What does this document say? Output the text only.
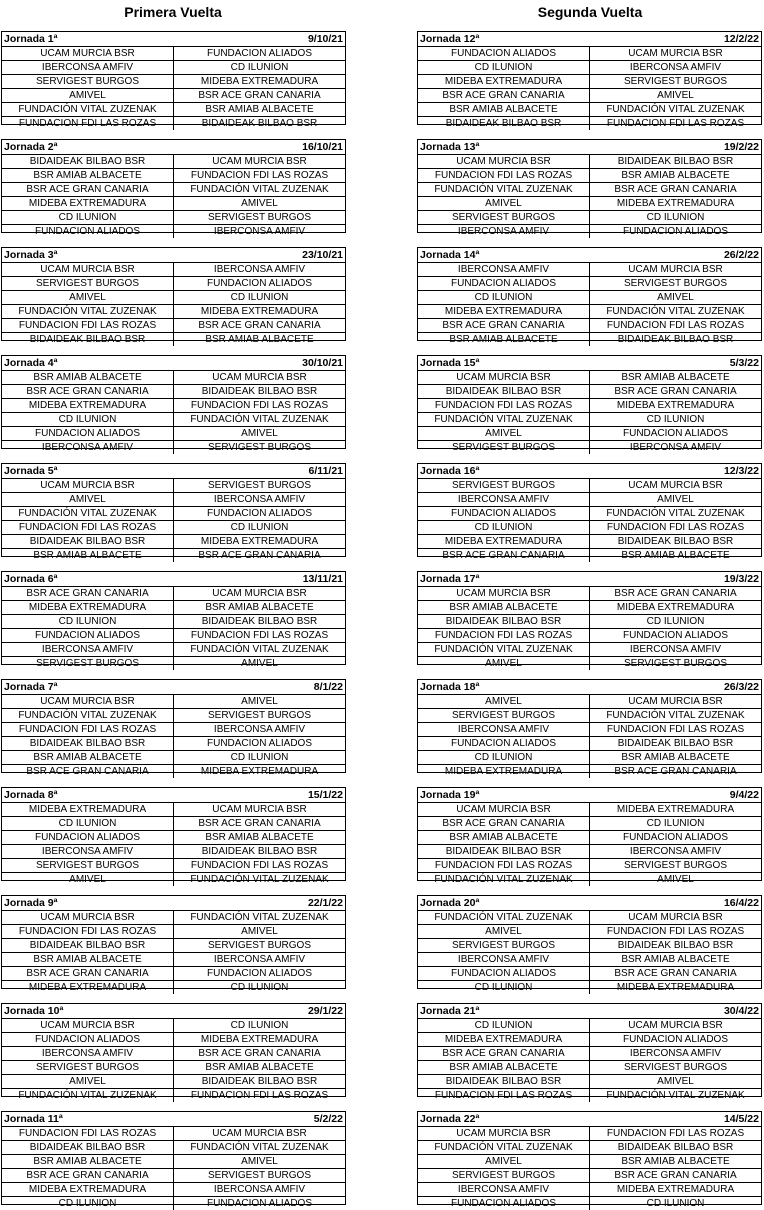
Primera Vuelta	Segunda Vuelta
Jornada 1ª	9/10/21
UCAM MURCIA BSR	FUNDACION ALIADOS
IBERCONSA AMFIV	CD ILUNION
SERVIGEST BURGOS	MIDEBA EXTREMADURA
AMIVEL	BSR ACE GRAN CANARIA
FUNDACIÓN VITAL ZUZENAK	BSR AMIAB ALBACETE
FUNDACION FDI LAS ROZAS	BIDAIDEAK BILBAO BSR
Jornada 2ª	16/10/21
BIDAIDEAK BILBAO BSR	UCAM MURCIA BSR
BSR AMIAB ALBACETE	FUNDACION FDI LAS ROZAS
BSR ACE GRAN CANARIA	FUNDACIÓN VITAL ZUZENAK
MIDEBA EXTREMADURA	AMIVEL
CD ILUNION	SERVIGEST BURGOS
FUNDACION ALIADOS	IBERCONSA AMFIV
Jornada 3ª	23/10/21
UCAM MURCIA BSR	IBERCONSA AMFIV
SERVIGEST BURGOS	FUNDACION ALIADOS
AMIVEL	CD ILUNION
FUNDACIÓN VITAL ZUZENAK	MIDEBA EXTREMADURA
FUNDACION FDI LAS ROZAS	BSR ACE GRAN CANARIA
BIDAIDEAK BILBAO BSR	BSR AMIAB ALBACETE
Jornada 4ª	30/10/21
BSR AMIAB ALBACETE	UCAM MURCIA BSR
BSR ACE GRAN CANARIA	BIDAIDEAK BILBAO BSR
MIDEBA EXTREMADURA	FUNDACION FDI LAS ROZAS
CD ILUNION	FUNDACIÓN VITAL ZUZENAK
FUNDACION ALIADOS	AMIVEL
IBERCONSA AMFIV	SERVIGEST BURGOS
Jornada 5ª	6/11/21
UCAM MURCIA BSR	SERVIGEST BURGOS
AMIVEL	IBERCONSA AMFIV
FUNDACIÓN VITAL ZUZENAK	FUNDACION ALIADOS
FUNDACION FDI LAS ROZAS	CD ILUNION
BIDAIDEAK BILBAO BSR	MIDEBA EXTREMADURA
BSR AMIAB ALBACETE	BSR ACE GRAN CANARIA
Jornada 6ª	13/11/21
BSR ACE GRAN CANARIA	UCAM MURCIA BSR
MIDEBA EXTREMADURA	BSR AMIAB ALBACETE
CD ILUNION	BIDAIDEAK BILBAO BSR
FUNDACION ALIADOS	FUNDACION FDI LAS ROZAS
IBERCONSA AMFIV	FUNDACIÓN VITAL ZUZENAK
SERVIGEST BURGOS	AMIVEL
Jornada 7ª	8/1/22
UCAM MURCIA BSR	AMIVEL
FUNDACIÓN VITAL ZUZENAK	SERVIGEST BURGOS
FUNDACION FDI LAS ROZAS	IBERCONSA AMFIV
BIDAIDEAK BILBAO BSR	FUNDACION ALIADOS
BSR AMIAB ALBACETE	CD ILUNION
BSR ACE GRAN CANARIA	MIDEBA EXTREMADURA
Jornada 8ª	15/1/22
MIDEBA EXTREMADURA	UCAM MURCIA BSR
CD ILUNION	BSR ACE GRAN CANARIA
FUNDACION ALIADOS	BSR AMIAB ALBACETE
IBERCONSA AMFIV	BIDAIDEAK BILBAO BSR
SERVIGEST BURGOS	FUNDACION FDI LAS ROZAS
AMIVEL	FUNDACIÓN VITAL ZUZENAK
Jornada 9ª	22/1/22
UCAM MURCIA BSR	FUNDACIÓN VITAL ZUZENAK
FUNDACION FDI LAS ROZAS	AMIVEL
BIDAIDEAK BILBAO BSR	SERVIGEST BURGOS
BSR AMIAB ALBACETE	IBERCONSA AMFIV
BSR ACE GRAN CANARIA	FUNDACION ALIADOS
MIDEBA EXTREMADURA	CD ILUNION
Jornada 10ª	29/1/22
UCAM MURCIA BSR	CD ILUNION
FUNDACION ALIADOS	MIDEBA EXTREMADURA
IBERCONSA AMFIV	BSR ACE GRAN CANARIA
SERVIGEST BURGOS	BSR AMIAB ALBACETE
AMIVEL	BIDAIDEAK BILBAO BSR
FUNDACIÓN VITAL ZUZENAK	FUNDACION FDI LAS ROZAS
Jornada 11ª	5/2/22
FUNDACION FDI LAS ROZAS	UCAM MURCIA BSR
BIDAIDEAK BILBAO BSR	FUNDACIÓN VITAL ZUZENAK
BSR AMIAB ALBACETE	AMIVEL
BSR ACE GRAN CANARIA	SERVIGEST BURGOS
MIDEBA EXTREMADURA	IBERCONSA AMFIV
CD ILUNION	FUNDACION ALIADOS
Jornada 12ª	12/2/22
FUNDACION ALIADOS	UCAM MURCIA BSR
CD ILUNION	IBERCONSA AMFIV
MIDEBA EXTREMADURA	SERVIGEST BURGOS
BSR ACE GRAN CANARIA	AMIVEL
BSR AMIAB ALBACETE	FUNDACIÓN VITAL ZUZENAK
BIDAIDEAK BILBAO BSR	FUNDACION FDI LAS ROZAS
Jornada 13ª	19/2/22
UCAM MURCIA BSR	BIDAIDEAK BILBAO BSR
FUNDACION FDI LAS ROZAS	BSR AMIAB ALBACETE
FUNDACIÓN VITAL ZUZENAK	BSR ACE GRAN CANARIA
AMIVEL	MIDEBA EXTREMADURA
SERVIGEST BURGOS	CD ILUNION
IBERCONSA AMFIV	FUNDACION ALIADOS
Jornada 14ª	26/2/22
IBERCONSA AMFIV	UCAM MURCIA BSR
FUNDACION ALIADOS	SERVIGEST BURGOS
CD ILUNION	AMIVEL
MIDEBA EXTREMADURA	FUNDACIÓN VITAL ZUZENAK
BSR ACE GRAN CANARIA	FUNDACION FDI LAS ROZAS
BSR AMIAB ALBACETE	BIDAIDEAK BILBAO BSR
Jornada 15ª	5/3/22
UCAM MURCIA BSR	BSR AMIAB ALBACETE
BIDAIDEAK BILBAO BSR	BSR ACE GRAN CANARIA
FUNDACION FDI LAS ROZAS	MIDEBA EXTREMADURA
FUNDACIÓN VITAL ZUZENAK	CD ILUNION
AMIVEL	FUNDACION ALIADOS
SERVIGEST BURGOS	IBERCONSA AMFIV
Jornada 16ª	12/3/22
SERVIGEST BURGOS	UCAM MURCIA BSR
IBERCONSA AMFIV	AMIVEL
FUNDACION ALIADOS	FUNDACIÓN VITAL ZUZENAK
CD ILUNION	FUNDACION FDI LAS ROZAS
MIDEBA EXTREMADURA	BIDAIDEAK BILBAO BSR
BSR ACE GRAN CANARIA	BSR AMIAB ALBACETE
Jornada 17ª	19/3/22
UCAM MURCIA BSR	BSR ACE GRAN CANARIA
BSR AMIAB ALBACETE	MIDEBA EXTREMADURA
BIDAIDEAK BILBAO BSR	CD ILUNION
FUNDACION FDI LAS ROZAS	FUNDACION ALIADOS
FUNDACIÓN VITAL ZUZENAK	IBERCONSA AMFIV
AMIVEL	SERVIGEST BURGOS
Jornada 18ª	26/3/22
AMIVEL	UCAM MURCIA BSR
SERVIGEST BURGOS	FUNDACIÓN VITAL ZUZENAK
IBERCONSA AMFIV	FUNDACION FDI LAS ROZAS
FUNDACION ALIADOS	BIDAIDEAK BILBAO BSR
CD ILUNION	BSR AMIAB ALBACETE
MIDEBA EXTREMADURA	BSR ACE GRAN CANARIA
Jornada 19ª	9/4/22
UCAM MURCIA BSR	MIDEBA EXTREMADURA
BSR ACE GRAN CANARIA	CD ILUNION
BSR AMIAB ALBACETE	FUNDACION ALIADOS
BIDAIDEAK BILBAO BSR	IBERCONSA AMFIV
FUNDACION FDI LAS ROZAS	SERVIGEST BURGOS
FUNDACIÓN VITAL ZUZENAK	AMIVEL
Jornada 20ª	16/4/22
FUNDACIÓN VITAL ZUZENAK	UCAM MURCIA BSR
AMIVEL	FUNDACION FDI LAS ROZAS
SERVIGEST BURGOS	BIDAIDEAK BILBAO BSR
IBERCONSA AMFIV	BSR AMIAB ALBACETE
FUNDACION ALIADOS	BSR ACE GRAN CANARIA
CD ILUNION	MIDEBA EXTREMADURA
Jornada 21ª	30/4/22
CD ILUNION	UCAM MURCIA BSR
MIDEBA EXTREMADURA	FUNDACION ALIADOS
BSR ACE GRAN CANARIA	IBERCONSA AMFIV
BSR AMIAB ALBACETE	SERVIGEST BURGOS
BIDAIDEAK BILBAO BSR	AMIVEL
FUNDACION FDI LAS ROZAS	FUNDACIÓN VITAL ZUZENAK
Jornada 22ª	14/5/22
UCAM MURCIA BSR	FUNDACION FDI LAS ROZAS
FUNDACIÓN VITAL ZUZENAK	BIDAIDEAK BILBAO BSR
AMIVEL	BSR AMIAB ALBACETE
SERVIGEST BURGOS	BSR ACE GRAN CANARIA
IBERCONSA AMFIV	MIDEBA EXTREMADURA
FUNDACION ALIADOS	CD ILUNION
